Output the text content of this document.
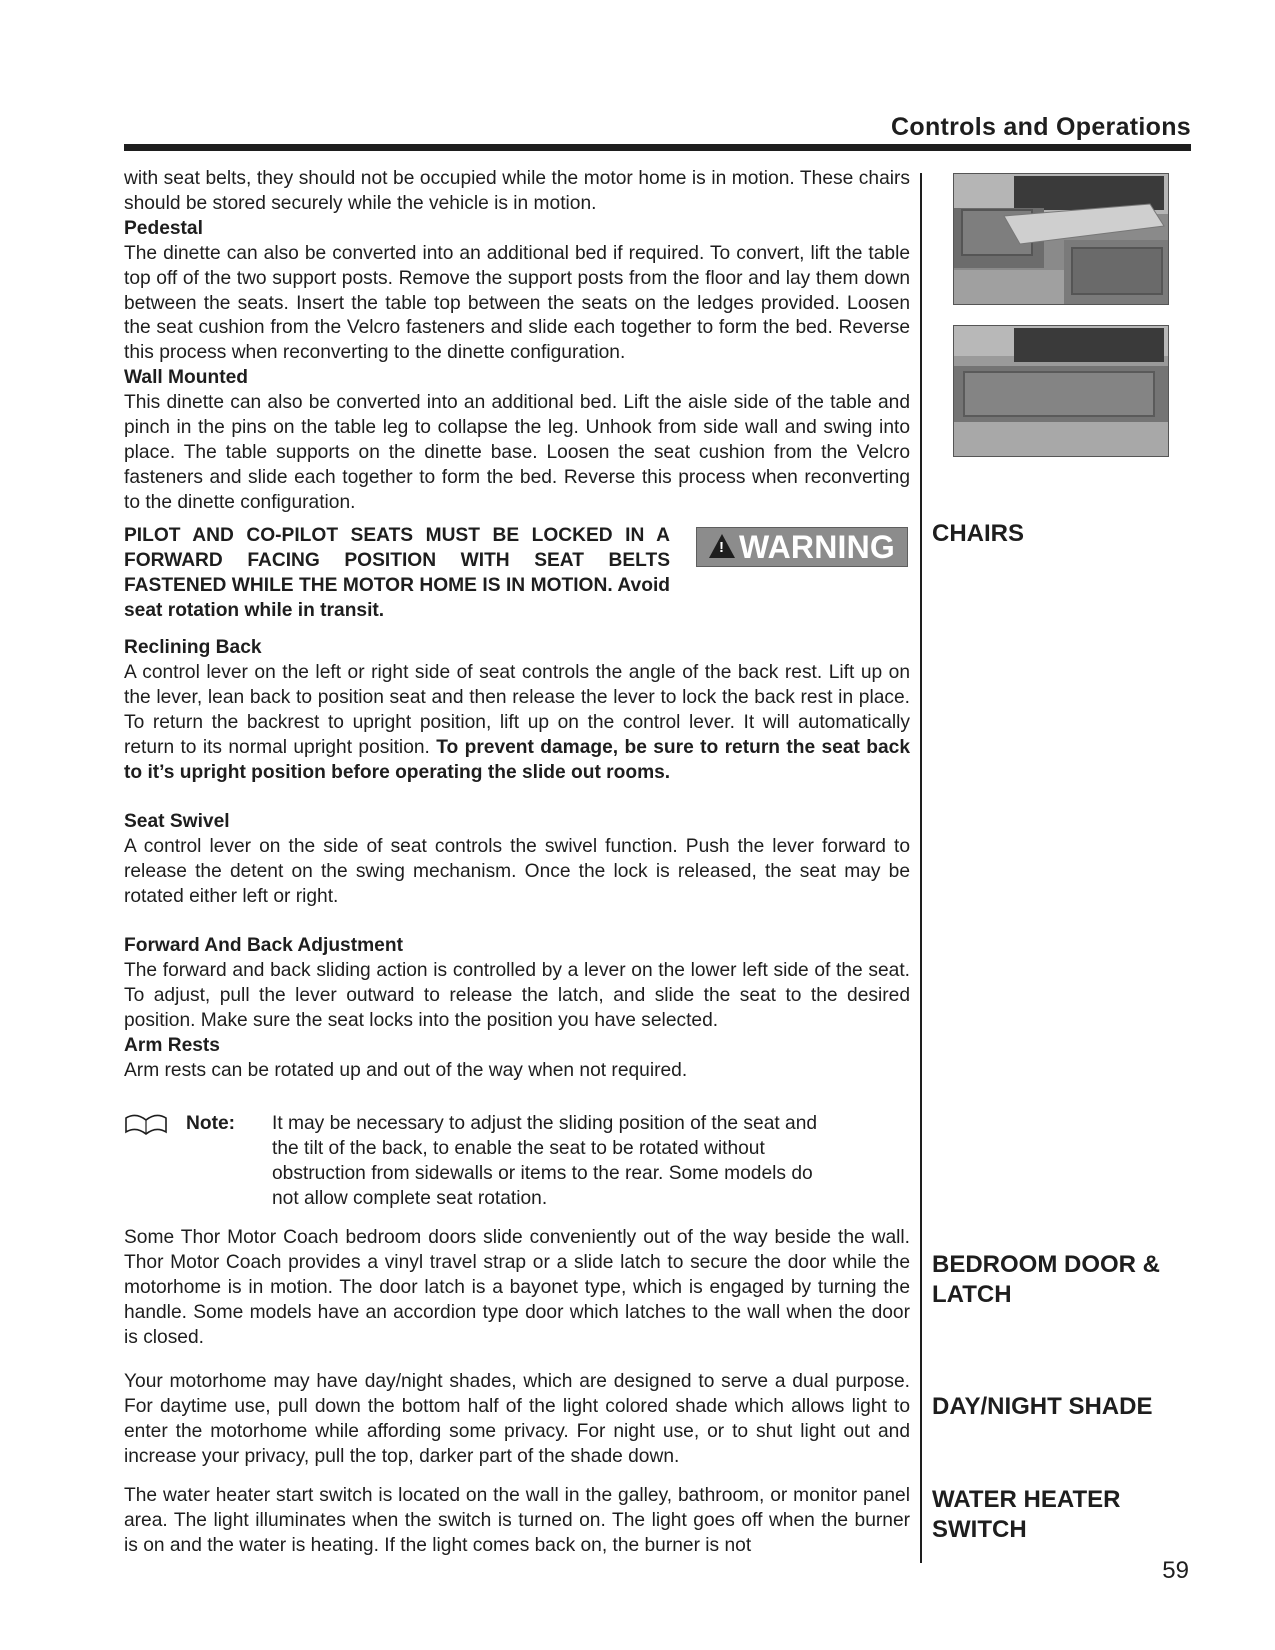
Controls and Operations

with seat belts, they should not be occupied while the motor home is in motion. These chairs should be stored securely while the vehicle is in motion.

Pedestal

The dinette can also be converted into an additional bed if required. To convert, lift the table top off of the two support posts. Remove the support posts from the floor and lay them down between the seats. Insert the table top between the seats on the ledges provided. Loosen the seat cushion from the Velcro fasteners and slide each together to form the bed. Reverse this process when reconverting to the dinette configuration.

Wall Mounted

This dinette can also be converted into an additional bed. Lift the aisle side of the table and pinch in the pins on the table leg to collapse the leg. Unhook from side wall and swing into place. The table supports on the dinette base. Loosen the seat cushion from the Velcro fasteners and slide each together to form the bed. Reverse this process when reconverting to the dinette configuration.

PILOT AND CO-PILOT SEATS MUST BE LOCKED IN A FORWARD FACING POSITION WITH SEAT BELTS FASTENED WHILE THE MOTOR HOME IS IN MOTION. Avoid seat rotation while in transit.
! WARNING CHAIRS
BEDROOM DOOR & LATCH
DAY/NIGHT SHADE
WATER HEATER SWITCH
Reclining Back

A control lever on the left or right side of seat controls the angle of the back rest. Lift up on the lever, lean back to position seat and then release the lever to lock the back rest in place. To return the backrest to upright position, lift up on the control lever. It will automatically return to its normal upright position. To prevent damage, be sure to return the seat back to it’s upright position before operating the slide out rooms.

Seat Swivel

A control lever on the side of seat controls the swivel function. Push the lever forward to release the detent on the swing mechanism. Once the lock is released, the seat may be rotated either left or right.

Forward And Back Adjustment

The forward and back sliding action is controlled by a lever on the lower left side of the seat. To adjust, pull the lever outward to release the latch, and slide the seat to the desired position. Make sure the seat locks into the position you have selected.

Arm Rests

Arm rests can be rotated up and out of the way when not required.

Note: It may be necessary to adjust the sliding position of the seat and the tilt of the back, to enable the seat to be rotated without obstruction from sidewalls or items to the rear. Some models do not allow complete seat rotation.

Some Thor Motor Coach bedroom doors slide conveniently out of the way beside the wall. Thor Motor Coach provides a vinyl travel strap or a slide latch to secure the door while the motorhome is in motion. The door latch is a bayonet type, which is engaged by turning the handle. Some models have an accordion type door which latches to the wall when the door is closed.

Your motorhome may have day/night shades, which are designed to serve a dual purpose. For daytime use, pull down the bottom half of the light colored shade which allows light to enter the motorhome while affording some privacy. For night use, or to shut light out and increase your privacy, pull the top, darker part of the shade down.

The water heater start switch is located on the wall in the galley, bathroom, or monitor panel area. The light illuminates when the switch is turned on. The light goes off when the burner is on and the water is heating. If the light comes back on, the burner is not

59
